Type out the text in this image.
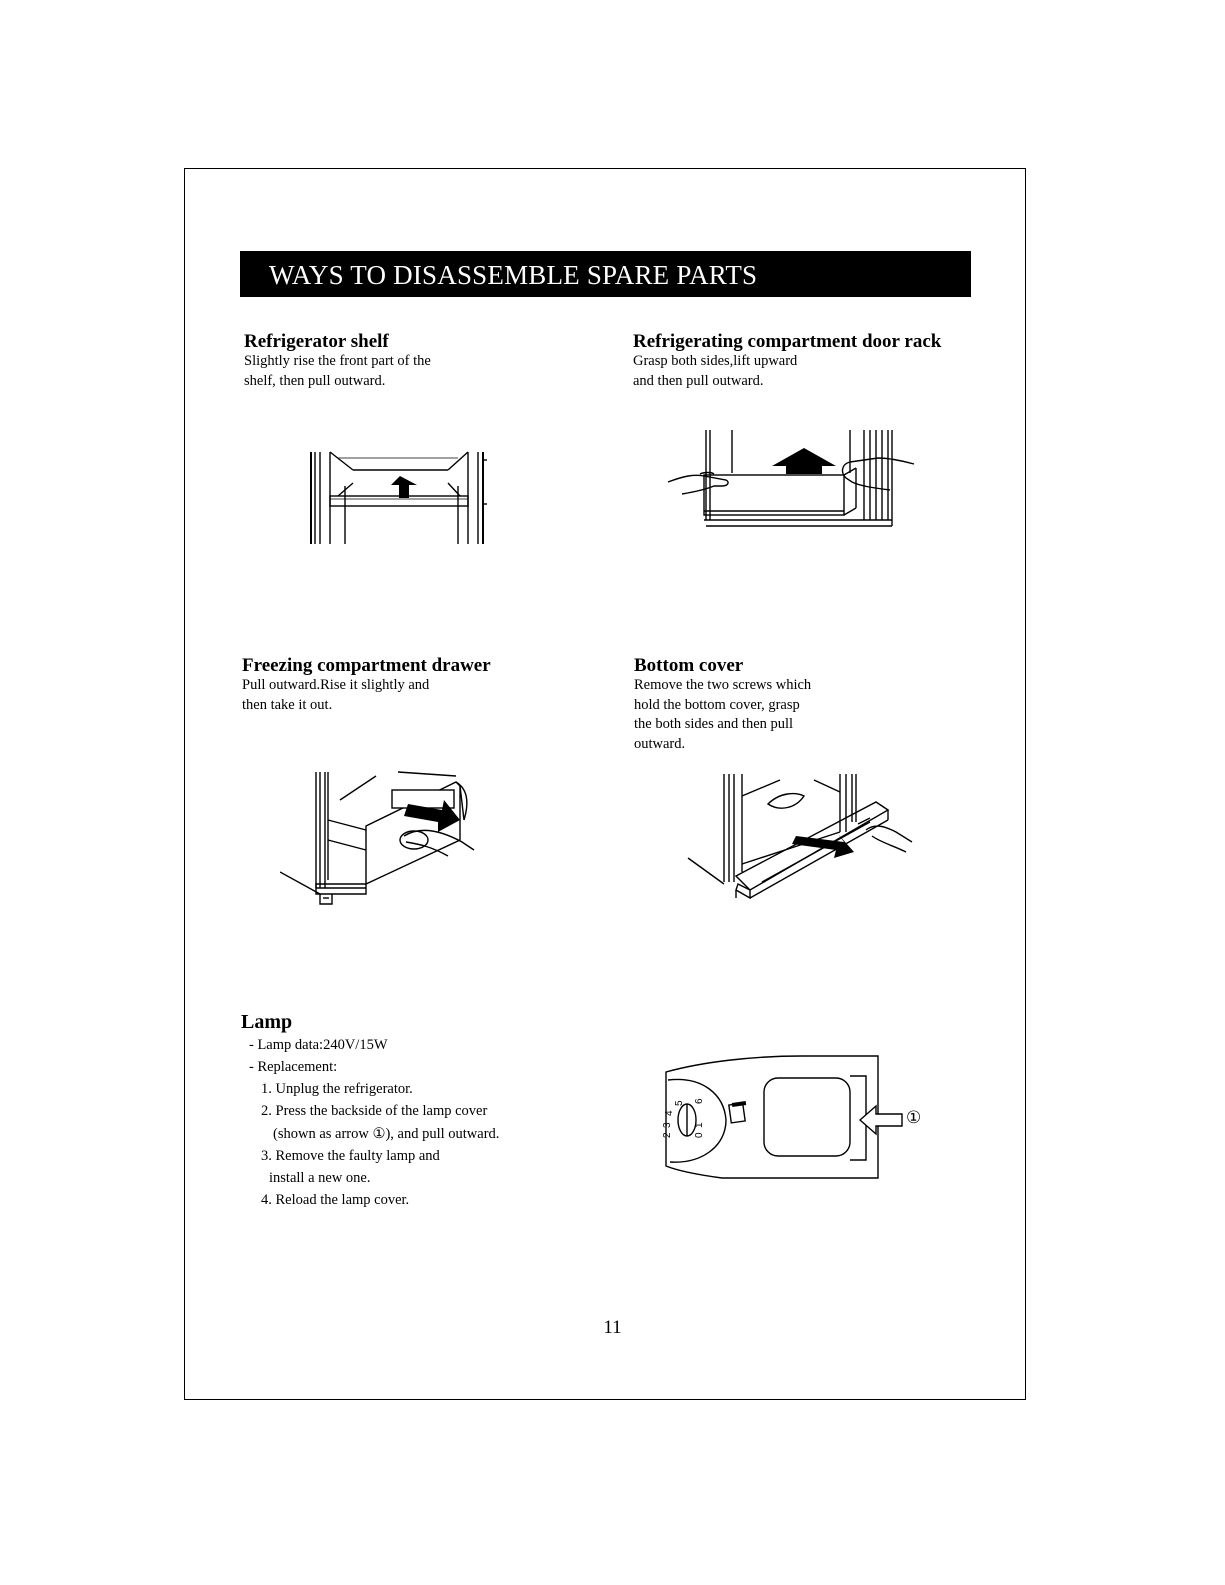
WAYS TO DISASSEMBLE SPARE PARTS
Refrigerator shelf
Slightly rise the front part of the
shelf, then pull outward.
Refrigerating compartment door rack
Grasp both sides,lift upward
and then pull outward.
Freezing compartment drawer
Pull outward.Rise it slightly and
then take it out.
Bottom cover
Remove the two screws which
hold the bottom cover, grasp
the both sides and then pull
outward.
Lamp
- Lamp data:240V/15W
- Replacement:
1. Unplug the refrigerator.
2. Press the backside of the lamp cover
(shown as arrow ①), and pull outward.
3. Remove the faulty lamp and
install a new one.
4. Reload the lamp cover.
2
3
4
5 6
1
0
①
11
